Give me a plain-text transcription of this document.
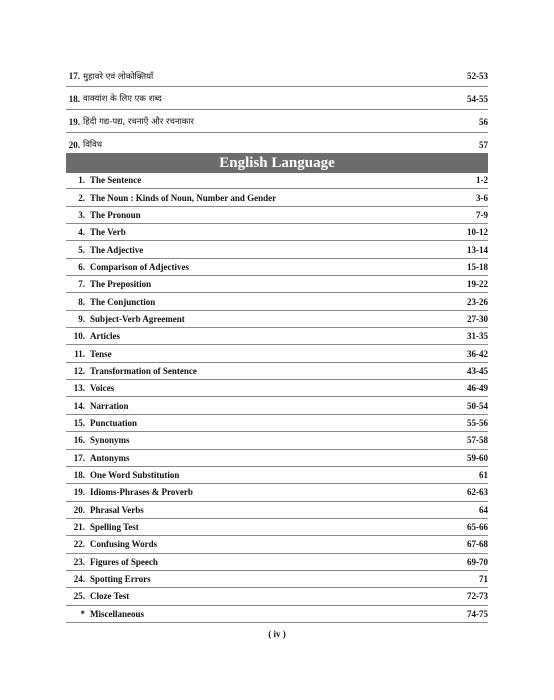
17. मुहावरे एवं लोकोक्तियाँ	52-53
18. वाक्यांश के लिए एक शब्द	54-55
19. हिंदी गद्य-पद्य, रचनाएँ और रचनाकार	56
20. विविध	57
English Language
1. The Sentence	1-2
2. The Noun : Kinds of Noun, Number and Gender	3-6
3. The Pronoun	7-9
4. The Verb	10-12
5. The Adjective	13-14
6. Comparison of Adjectives	15-18
7. The Preposition	19-22
8. The Conjunction	23-26
9. Subject-Verb Agreement	27-30
10. Articles	31-35
11. Tense	36-42
12. Transformation of Sentence	43-45
13. Voices	46-49
14. Narration	50-54
15. Punctuation	55-56
16. Synonyms	57-58
17. Antonyms	59-60
18. One Word Substitution	61
19. Idioms-Phrases & Proverb	62-63
20. Phrasal Verbs	64
21. Spelling Test	65-66
22. Confusing Words	67-68
23. Figures of Speech	69-70
24. Spotting Errors	71
25. Cloze Test	72-73
* Miscellaneous	74-75
( iv )
